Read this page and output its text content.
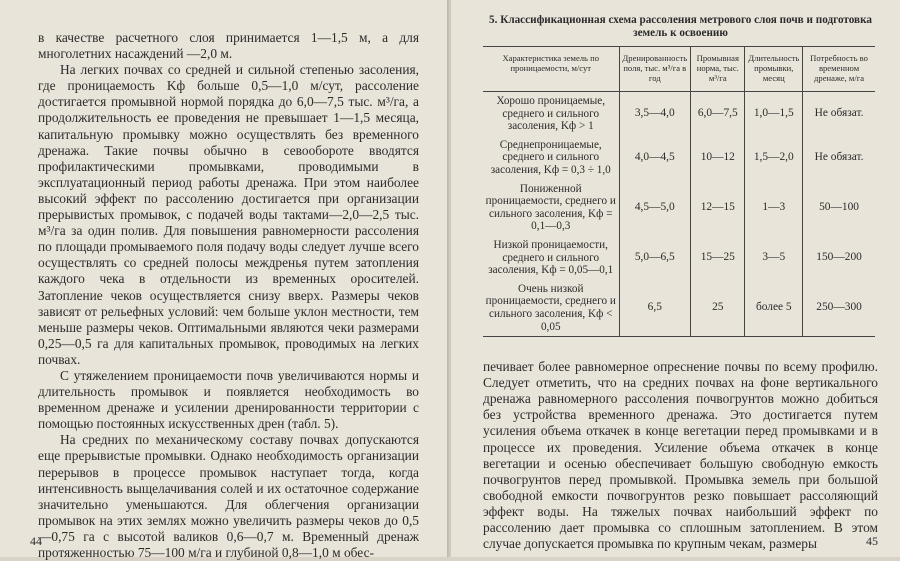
в качестве расчетного слоя принимается 1—1,5 м, а для многолетних насаждений —2,0 м.

На легких почвах со средней и сильной степенью засоления, где проницаемость Kф больше 0,5—1,0 м/сут, рассоление достигается промывной нормой порядка до 6,0—7,5 тыс. м³/га, а продолжительность ее проведения не превышает 1—1,5 месяца, капитальную промывку можно осуществлять без временного дренажа. Такие почвы обычно в севообороте вводятся профилактическими промывками, проводимыми в эксплуатационный период работы дренажа. При этом наиболее высокий эффект по рассолению достигается при организации прерывистых промывок, с подачей воды тактами—2,0—2,5 тыс. м³/га за один полив. Для повышения равномерности рассоления по площади промываемого поля подачу воды следует лучше всего осуществлять со средней полосы междренья путем затопления каждого чека в отдельности из временных оросителей. Затопление чеков осуществляется снизу вверх. Размеры чеков зависят от рельефных условий: чем больше уклон местности, тем меньше размеры чеков. Оптимальными являются чеки размерами 0,25—0,5 га для капитальных промывок, проводимых на легких почвах.

С утяжелением проницаемости почв увеличиваются нормы и длительность промывок и появляется необходимость во временном дренаже и усилении дренированности территории с помощью постоянных искусственных дрен (табл. 5).

На средних по механическому составу почвах допускаются еще прерывистые промывки. Однако необходимость организации перерывов в процессе промывок наступает тогда, когда интенсивность выщелачивания солей и их остаточное содержание значительно уменьшаются. Для облегчения организации промывок на этих землях можно увеличить размеры чеков до 0,5—0,75 га с высотой валиков 0,6—0,7 м. Временный дренаж протяженностью 75—100 м/га и глубиной 0,8—1,0 м обес-

44

5. Классификационная схема рассоления метрового слоя почв и подготовка земель к освоению

Характеристика земель по проницаемости, м/сут	Дренированность поля, тыс. м³/га в год	Промывная норма, тыс. м³/га	Длительность промывки, месяц	Потребность во временном дренаже, м/га
Хорошо проницаемые, среднего и сильного засоления, Kф > 1	3,5—4,0	6,0—7,5	1,0—1,5	Не обязат.
Среднепроницаемые, среднего и сильного засоления, Kф = 0,3 ÷ 1,0	4,0—4,5	10—12	1,5—2,0	Не обязат.
Пониженной проницаемости, среднего и сильного засоления, Kф = 0,1—0,3	4,5—5,0	12—15	1—3	50—100
Низкой проницаемости, среднего и сильного засоления, Kф = 0,05—0,1	5,0—6,5	15—25	3—5	150—200
Очень низкой проницаемости, среднего и сильного засоления, Kф < 0,05	6,5	25	более 5	250—300

печивает более равномерное опреснение почвы по всему профилю. Следует отметить, что на средних почвах на фоне вертикального дренажа равномерного рассоления почвогрунтов можно добиться без устройства временного дренажа. Это достигается путем усиления объема откачек в конце вегетации перед промывками и в процессе их проведения. Усиление объема откачек в конце вегетации и осенью обеспечивает большую свободную емкость почвогрунтов перед промывкой. Промывка земель при большой свободной емкости почвогрунтов резко повышает рассоляющий эффект воды. На тяжелых почвах наибольший эффект по рассолению дает промывка со сплошным затоплением. В этом случае допускается промывка по крупным чекам, размеры	45
